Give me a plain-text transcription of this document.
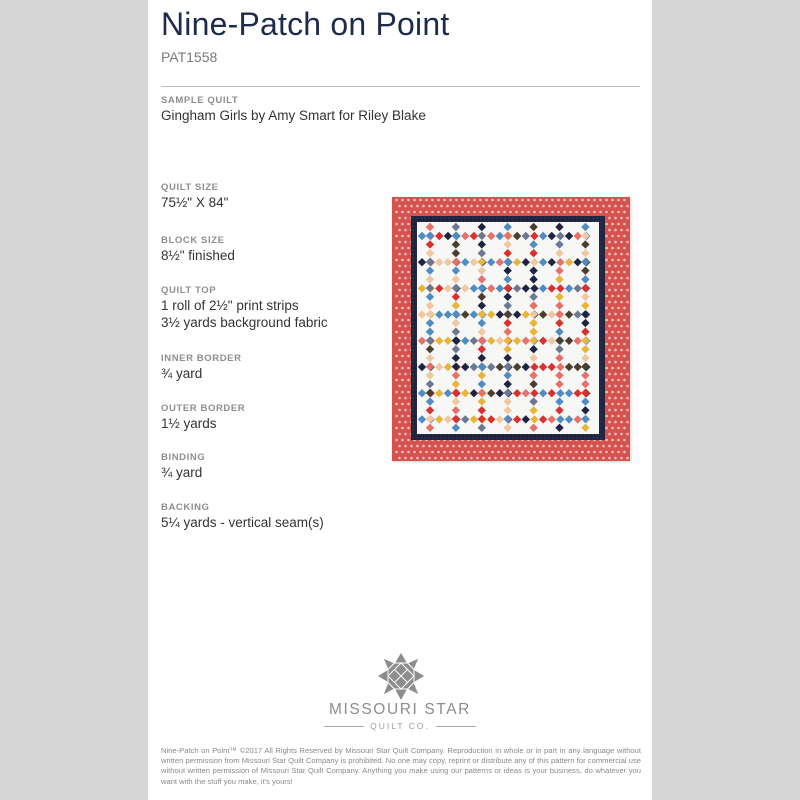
Nine-Patch on Point
PAT1558
SAMPLE QUILT
Gingham Girls by Amy Smart for Riley Blake
QUILT SIZE
75½" X 84"
BLOCK SIZE
8½" finished
QUILT TOP
1 roll of 2½" print strips
3½ yards background fabric
INNER BORDER
¾ yard
OUTER BORDER
1½ yards
BINDING
¾ yard
BACKING
5¼ yards - vertical seam(s)
MISSOURI STAR
QUILT CO.
Nine-Patch on Point™ ©2017 All Rights Reserved by Missouri Star Quilt Company. Reproduction in whole or in part in any language without written permission from Missouri Star Quilt Company is prohibited. No one may copy, reprint or distribute any of this pattern for commercial use without written permission of Missouri Star Quilt Company. Anything you make using our patterns or ideas is your business, do whatever you want with the stuff you make, it's yours!
